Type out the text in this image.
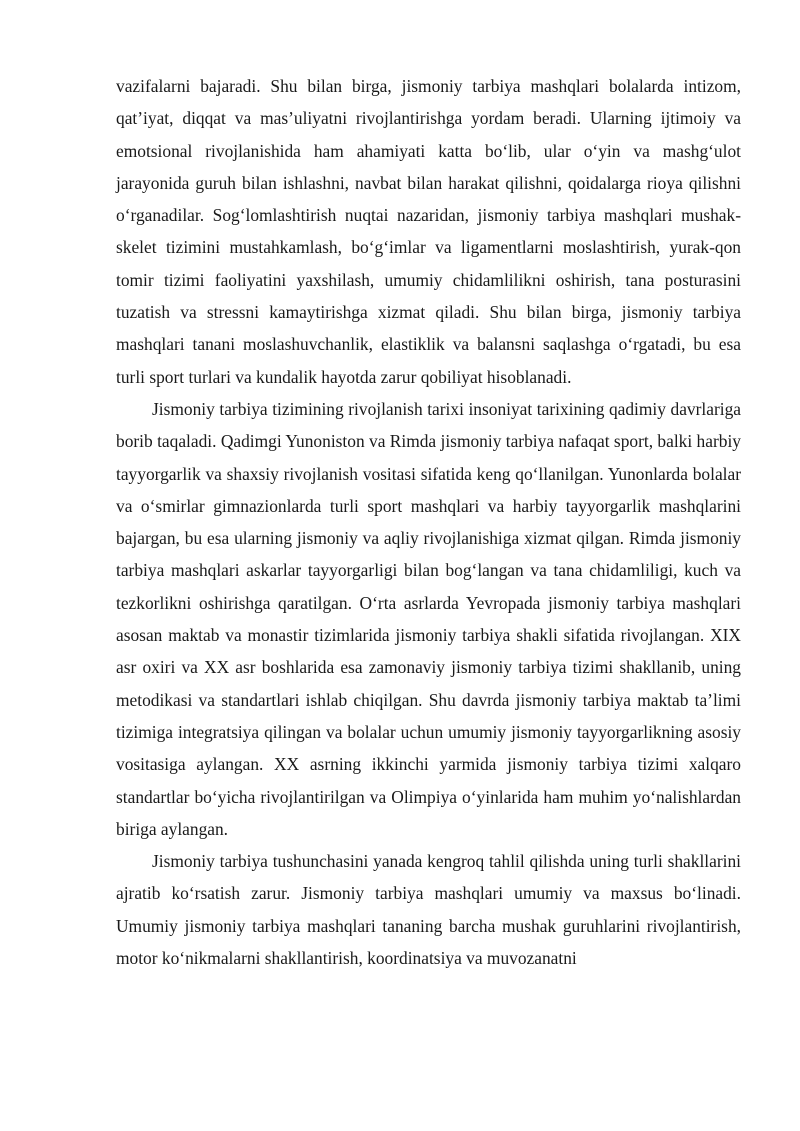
vazifalarni bajaradi. Shu bilan birga, jismoniy tarbiya mashqlari bolalarda intizom, qat’iyat, diqqat va mas’uliyatni rivojlantirishga yordam beradi. Ularning ijtimoiy va emotsional rivojlanishida ham ahamiyati katta bo‘lib, ular o‘yin va mashg‘ulot jarayonida guruh bilan ishlashni, navbat bilan harakat qilishni, qoidalarga rioya qilishni o‘rganadilar. Sog‘lomlashtirish nuqtai nazaridan, jismoniy tarbiya mashqlari mushak-skelet tizimini mustahkamlash, bo‘g‘imlar va ligamentlarni moslashtirish, yurak-qon tomir tizimi faoliyatini yaxshilash, umumiy chidamlilikni oshirish, tana posturasini tuzatish va stressni kamaytirishga xizmat qiladi. Shu bilan birga, jismoniy tarbiya mashqlari tanani moslashuvchanlik, elastiklik va balansni saqlashga o‘rgatadi, bu esa turli sport turlari va kundalik hayotda zarur qobiliyat hisoblanadi.

Jismoniy tarbiya tizimining rivojlanish tarixi insoniyat tarixining qadimiy davrlariga borib taqaladi. Qadimgi Yunoniston va Rimda jismoniy tarbiya nafaqat sport, balki harbiy tayyorgarlik va shaxsiy rivojlanish vositasi sifatida keng qo‘llanilgan. Yunonlarda bolalar va o‘smirlar gimnazionlarda turli sport mashqlari va harbiy tayyorgarlik mashqlarini bajargan, bu esa ularning jismoniy va aqliy rivojlanishiga xizmat qilgan. Rimda jismoniy tarbiya mashqlari askarlar tayyorgarligi bilan bog‘langan va tana chidamliligi, kuch va tezkorlikni oshirishga qaratilgan. O‘rta asrlarda Yevropada jismoniy tarbiya mashqlari asosan maktab va monastir tizimlarida jismoniy tarbiya shakli sifatida rivojlangan. XIX asr oxiri va XX asr boshlarida esa zamonaviy jismoniy tarbiya tizimi shakllanib, uning metodikasi va standartlari ishlab chiqilgan. Shu davrda jismoniy tarbiya maktab ta’limi tizimiga integratsiya qilingan va bolalar uchun umumiy jismoniy tayyorgarlikning asosiy vositasiga aylangan. XX asrning ikkinchi yarmida jismoniy tarbiya tizimi xalqaro standartlar bo‘yicha rivojlantirilgan va Olimpiya o‘yinlarida ham muhim yo‘nalishlardan biriga aylangan.

Jismoniy tarbiya tushunchasini yanada kengroq tahlil qilishda uning turli shakllarini ajratib ko‘rsatish zarur. Jismoniy tarbiya mashqlari umumiy va maxsus bo‘linadi. Umumiy jismoniy tarbiya mashqlari tananing barcha mushak guruhlarini rivojlantirish, motor ko‘nikmalarni shakllantirish, koordinatsiya va muvozanatni
